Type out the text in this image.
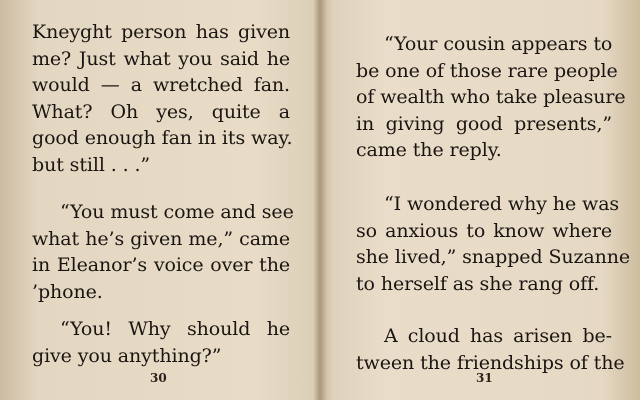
Kneyght person has given
me? Just what you said he
would — a wretched fan.
What? Oh yes, quite a
good enough fan in its way.
but still . . .”

“You must come and see
what he’s given me,” came
in Eleanor’s voice over the
’phone.

“You! Why should he
give you anything?”

30

“Your cousin appears to
be one of those rare people
of wealth who take pleasure
in giving good presents,”
came the reply.

“I wondered why he was
so anxious to know where
she lived,” snapped Suzanne
to herself as she rang off.

A cloud has arisen be-
tween the friendships of the

31
